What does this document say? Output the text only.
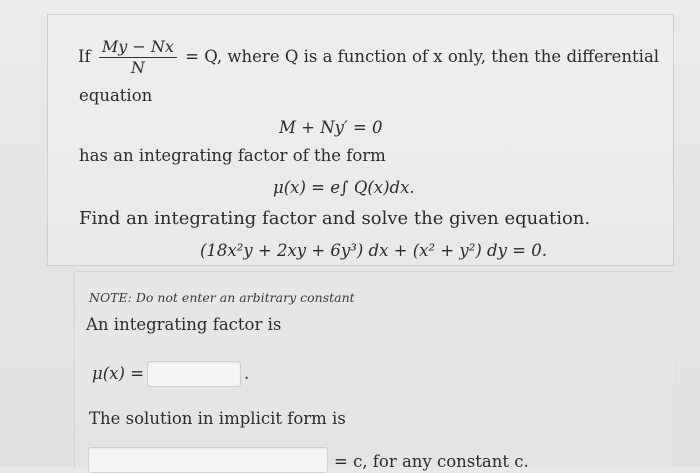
If $\frac{My - Nx}{N} = Q$, where Q is a function of x only, then the differential
equation
M + Ny′ = 0
has an integrating factor of the form
μ(x) = e∫ Q(x)dx.
Find an integrating factor and solve the given equation.
(18x²y + 2xy + 6y³) dx + (x² + y²) dy = 0.
NOTE: Do not enter an arbitrary constant
An integrating factor is
μ(x) =	.
The solution in implicit form is
= c, for any constant c.
